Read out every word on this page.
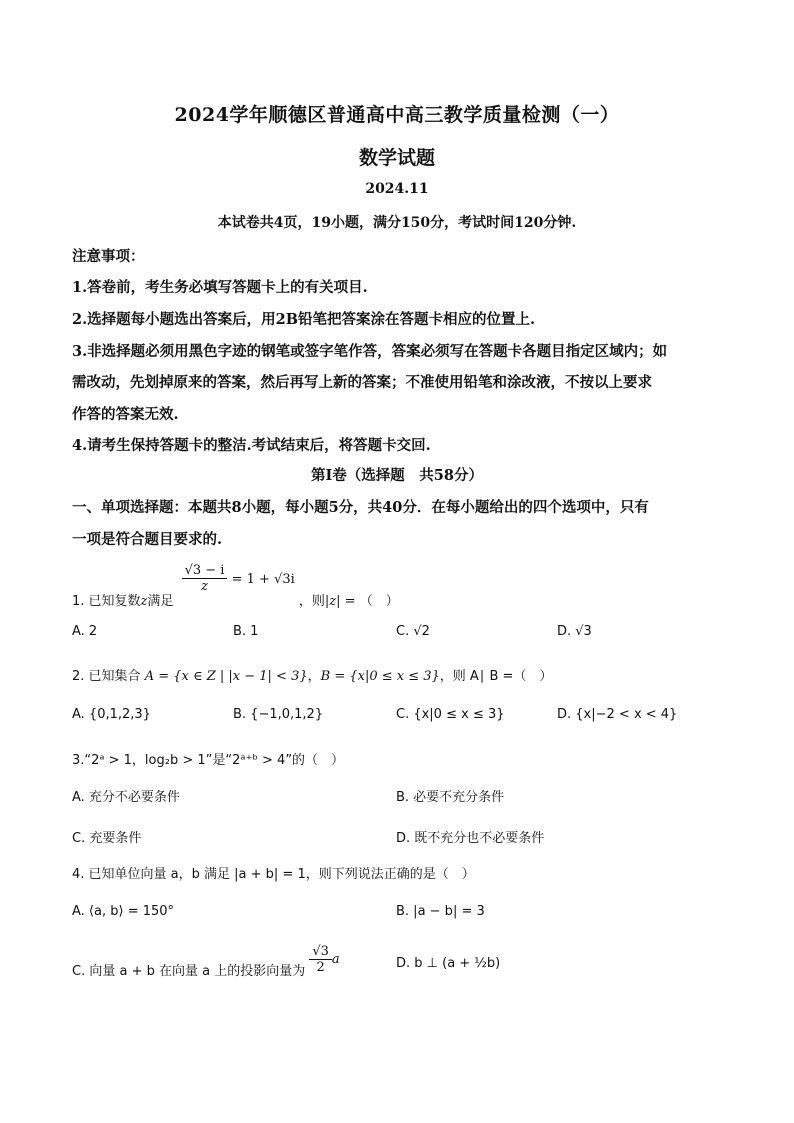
2024学年顺德区普通高中高三教学质量检测（一）
数学试题
2024.11
本试卷共4页，19小题，满分150分，考试时间120分钟.
注意事项：
1.答卷前，考生务必填写答题卡上的有关项目.
2.选择题每小题选出答案后，用2B铅笔把答案涂在答题卡相应的位置上.
3.非选择题必须用黑色字迹的钢笔或签字笔作答，答案必须写在答题卡各题目指定区域内；如
需改动，先划掉原来的答案，然后再写上新的答案；不准使用铅笔和涂改液，不按以上要求
作答的答案无效.
4.请考生保持答题卡的整洁.考试结束后，将答题卡交回.
第I卷（选择题　共58分）
一、单项选择题：本题共8小题，每小题5分，共40分．在每小题给出的四个选项中，只有
一项是符合题目要求的.
1. 已知复数z满足
$\frac{√3 - i}{z} = 1 + √3i$ ，则|z| = （　）
A. 2	B. 1	C. √2	D. √3
2. 已知集合 A = {x ∈ Z | |x − 1| < 3}，B = {x|0 ≤ x ≤ 3}，则 A∣ B =（　）
A. {0,1,2,3}	B. {−1,0,1,2}	C. {x|0 ≤ x ≤ 3}	D. {x|−2 < x < 4}
3.“2ᵃ > 1，log₂b > 1”是“2ᵃ⁺ᵇ > 4”的（　）
A. 充分不必要条件	B. 必要不充分条件
C. 充要条件	D. 既不充分也不必要条件
4. 已知单位向量 a，b 满足 |a + b| = 1，则下列说法正确的是（　）
A. ⟨a, b⟩ = 150°	B. |a − b| = 3
C. 向量 a + b 在向量 a 上的投影向量为 $\frac{√3}{2}$ a	D. b ⊥ (a + ½b)
